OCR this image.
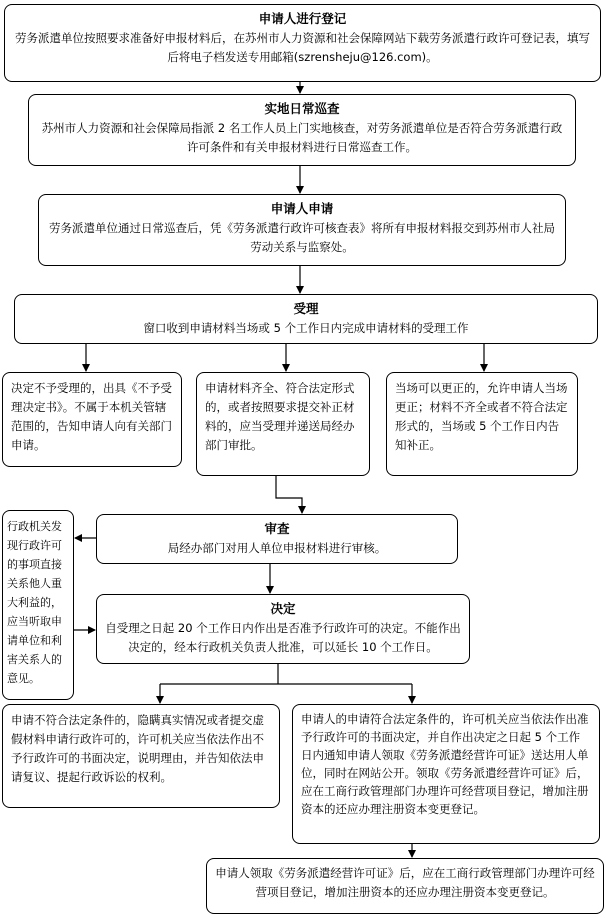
申请人进行登记
劳务派遣单位按照要求准备好申报材料后，在苏州市人力资源和社会保障网站下载劳务派遣行政许可登记表，填写后将电子档发送专用邮箱(szrensheju@126.com)。
实地日常巡查
苏州市人力资源和社会保障局指派 2 名工作人员上门实地核查，对劳务派遣单位是否符合劳务派遣行政许可条件和有关申报材料进行日常巡查工作。
申请人申请
劳务派遣单位通过日常巡查后，凭《劳务派遣行政许可核查表》将所有申报材料报交到苏州市人社局劳动关系与监察处。
受理
窗口收到申请材料当场或 5 个工作日内完成申请材料的受理工作
决定不予受理的，出具《不予受理决定书》。不属于本机关管辖范围的，告知申请人向有关部门申请。
申请材料齐全、符合法定形式的，或者按照要求提交补正材料的，应当受理并递送局经办部门审批。
当场可以更正的，允许申请人当场更正；材料不齐全或者不符合法定形式的，当场或 5 个工作日内告知补正。
行政机关发现行政许可的事项直接关系他人重大利益的，应当听取申请单位和利害关系人的意见。
审查
局经办部门对用人单位申报材料进行审核。
决定
自受理之日起 20 个工作日内作出是否准予行政许可的决定。不能作出决定的，经本行政机关负责人批准，可以延长 10 个工作日。
申请不符合法定条件的，隐瞒真实情况或者提交虚假材料申请行政许可的，许可机关应当依法作出不予行政许可的书面决定，说明理由，并告知依法申请复议、提起行政诉讼的权利。
申请人的申请符合法定条件的，许可机关应当依法作出准予行政许可的书面决定，并自作出决定之日起 5 个工作日内通知申请人领取《劳务派遣经营许可证》送达用人单位，同时在网站公开。领取《劳务派遣经营许可证》后，应在工商行政管理部门办理许可经营项目登记，增加注册资本的还应办理注册资本变更登记。
申请人领取《劳务派遣经营许可证》后，应在工商行政管理部门办理许可经营项目登记，增加注册资本的还应办理注册资本变更登记。
